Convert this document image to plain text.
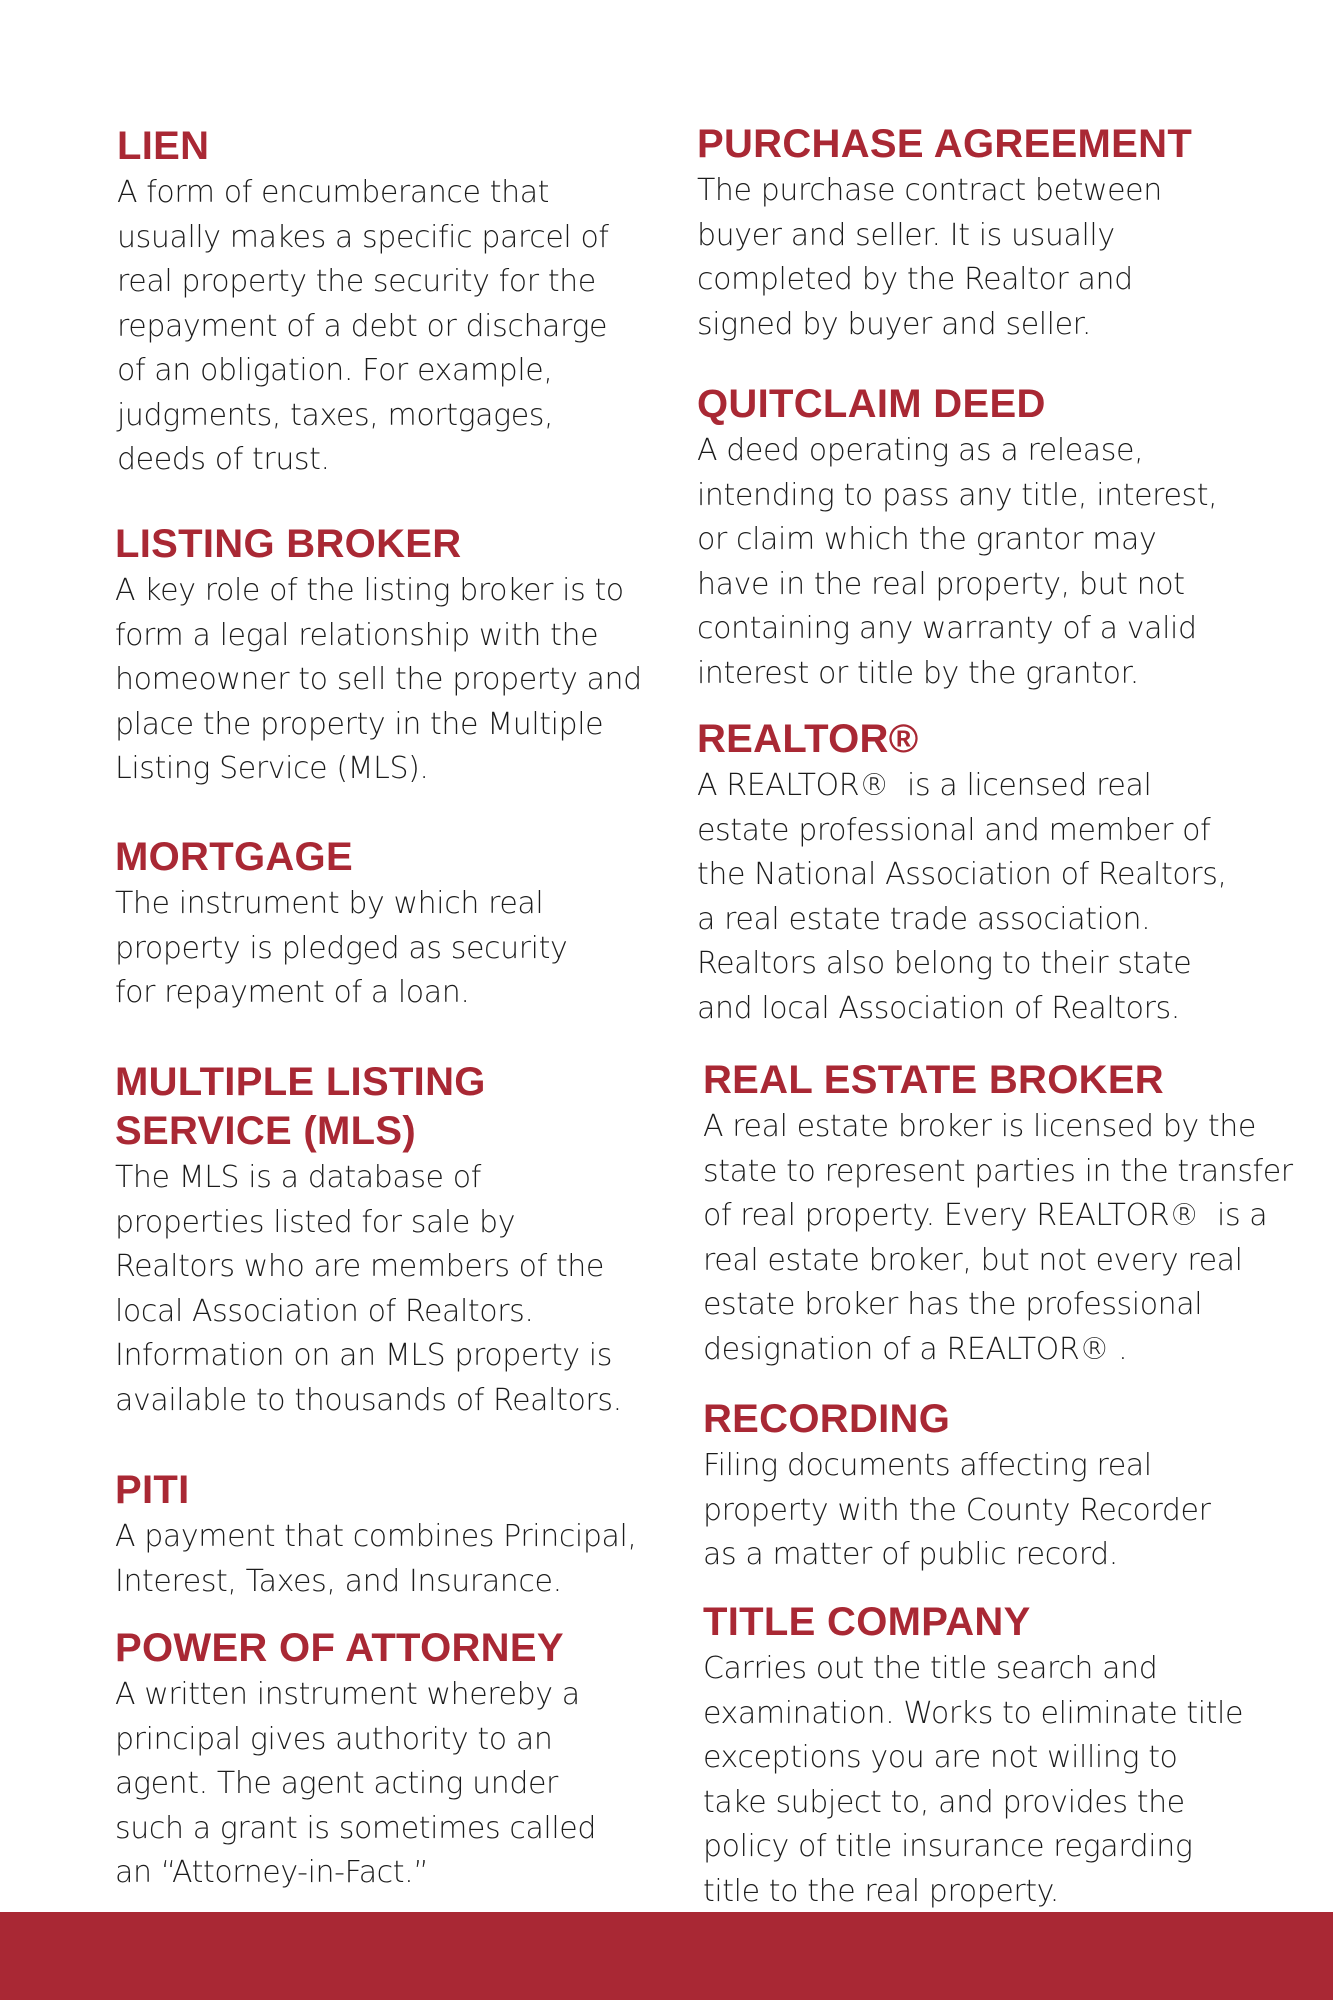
LIEN

A form of encumberance that
usually makes a specific parcel of
real property the security for the
repayment of a debt or discharge
of an obligation. For example,
judgments, taxes, mortgages,
deeds of trust.

LISTING BROKER

A key role of the listing broker is to
form a legal relationship with the
homeowner to sell the property and
place the property in the Multiple
Listing Service (MLS).

MORTGAGE

The instrument by which real
property is pledged as security
for repayment of a loan.

MULTIPLE LISTING
SERVICE (MLS)

The MLS is a database of
properties listed for sale by
Realtors who are members of the
local Association of Realtors.
Information on an MLS property is
available to thousands of Realtors.

PITI

A payment that combines Principal,
Interest, Taxes, and Insurance.

POWER OF ATTORNEY

A written instrument whereby a
principal gives authority to an
agent. The agent acting under
such a grant is sometimes called
an “Attorney-in-Fact.”

PURCHASE AGREEMENT

The purchase contract between
buyer and seller. It is usually
completed by the Realtor and
signed by buyer and seller.

QUITCLAIM DEED

A deed operating as a release,
intending to pass any title, interest,
or claim which the grantor may
have in the real property, but not
containing any warranty of a valid
interest or title by the grantor.

REALTOR®

A REALTOR®  is a licensed real
estate professional and member of
the National Association of Realtors,
a real estate trade association.
Realtors also belong to their state
and local Association of Realtors.

REAL ESTATE BROKER

A real estate broker is licensed by the
state to represent parties in the transfer
of real property. Every REALTOR®  is a
real estate broker, but not every real
estate broker has the professional
designation of a REALTOR® .

RECORDING

Filing documents affecting real
property with the County Recorder
as a matter of public record.

TITLE COMPANY

Carries out the title search and
examination. Works to eliminate title
exceptions you are not willing to
take subject to, and provides the
policy of title insurance regarding
title to the real property.
